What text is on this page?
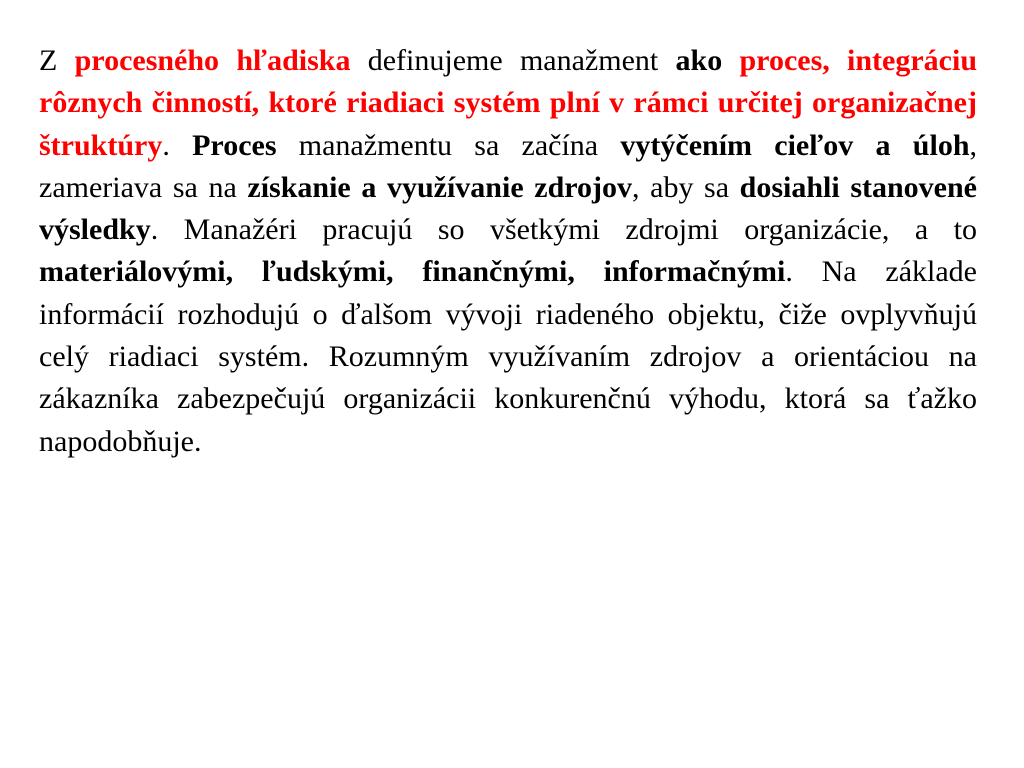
Z procesného hľadiska definujeme manažment ako proces, integráciu rôznych činností, ktoré riadiaci systém plní v rámci určitej organizačnej štruktúry. Proces manažmentu sa začína vytýčením cieľov a úloh, zameriava sa na získanie a využívanie zdrojov, aby sa dosiahli stanovené výsledky. Manažéri pracujú so všetkými zdrojmi organizácie, a to materiálovými, ľudskými, finančnými, informačnými. Na základe informácií rozhodujú o ďalšom vývoji riadeného objektu, čiže ovplyvňujú celý riadiaci systém. Rozumným využívaním zdrojov a orientáciou na zákazníka zabezpečujú organizácii konkurenčnú výhodu, ktorá sa ťažko napodobňuje.
